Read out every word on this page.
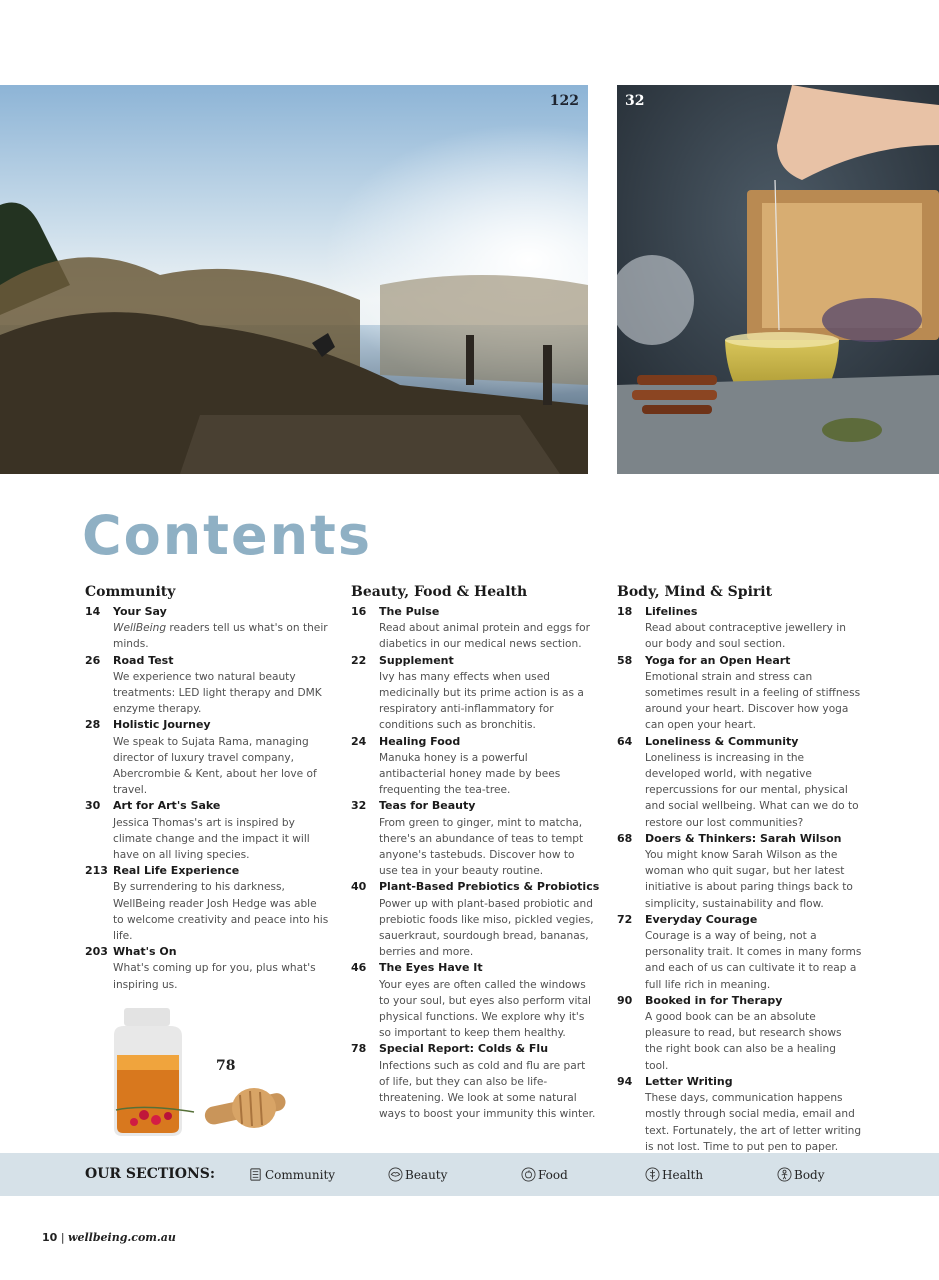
122	32
Contents
Community
14 Your Say
WellBeing readers tell us what's on their minds.
26 Road Test
We experience two natural beauty treatments: LED light therapy and DMK enzyme therapy.
28 Holistic Journey
We speak to Sujata Rama, managing director of luxury travel company, Abercrombie & Kent, about her love of travel.
30 Art for Art's Sake
Jessica Thomas's art is inspired by climate change and the impact it will have on all living species.
213 Real Life Experience
By surrendering to his darkness, WellBeing reader Josh Hedge was able to welcome creativity and peace into his life.
203 What's On
What's coming up for you, plus what's inspiring us.
78
Beauty, Food & Health
16 The Pulse
Read about animal protein and eggs for diabetics in our medical news section.
22 Supplement
Ivy has many effects when used medicinally but its prime action is as a respiratory anti-inflammatory for conditions such as bronchitis.
24 Healing Food
Manuka honey is a powerful antibacterial honey made by bees frequenting the tea-tree.
32 Teas for Beauty
From green to ginger, mint to matcha, there's an abundance of teas to tempt anyone's tastebuds. Discover how to use tea in your beauty routine.
40 Plant-Based Prebiotics & Probiotics
Power up with plant-based probiotic and prebiotic foods like miso, pickled vegies, sauerkraut, sourdough bread, bananas, berries and more.
46 The Eyes Have It
Your eyes are often called the windows to your soul, but eyes also perform vital physical functions. We explore why it's so important to keep them healthy.
78 Special Report: Colds & Flu
Infections such as cold and flu are part of life, but they can also be life-threatening. We look at some natural ways to boost your immunity this winter.
Body, Mind & Spirit
18 Lifelines
Read about contraceptive jewellery in our body and soul section.
58 Yoga for an Open Heart
Emotional strain and stress can sometimes result in a feeling of stiffness around your heart. Discover how yoga can open your heart.
64 Loneliness & Community
Loneliness is increasing in the developed world, with negative repercussions for our mental, physical and social wellbeing. What can we do to restore our lost communities?
68 Doers & Thinkers: Sarah Wilson
You might know Sarah Wilson as the woman who quit sugar, but her latest initiative is about paring things back to simplicity, sustainability and flow.
72 Everyday Courage
Courage is a way of being, not a personality trait. It comes in many forms and each of us can cultivate it to reap a full life rich in meaning.
90 Booked in for Therapy
A good book can be an absolute pleasure to read, but research shows the right book can also be a healing tool.
94 Letter Writing
These days, communication happens mostly through social media, email and text. Fortunately, the art of letter writing is not lost. Time to put pen to paper.
OUR SECTIONS:	Community	Beauty	Food	Health	Body
10 | wellbeing.com.au
